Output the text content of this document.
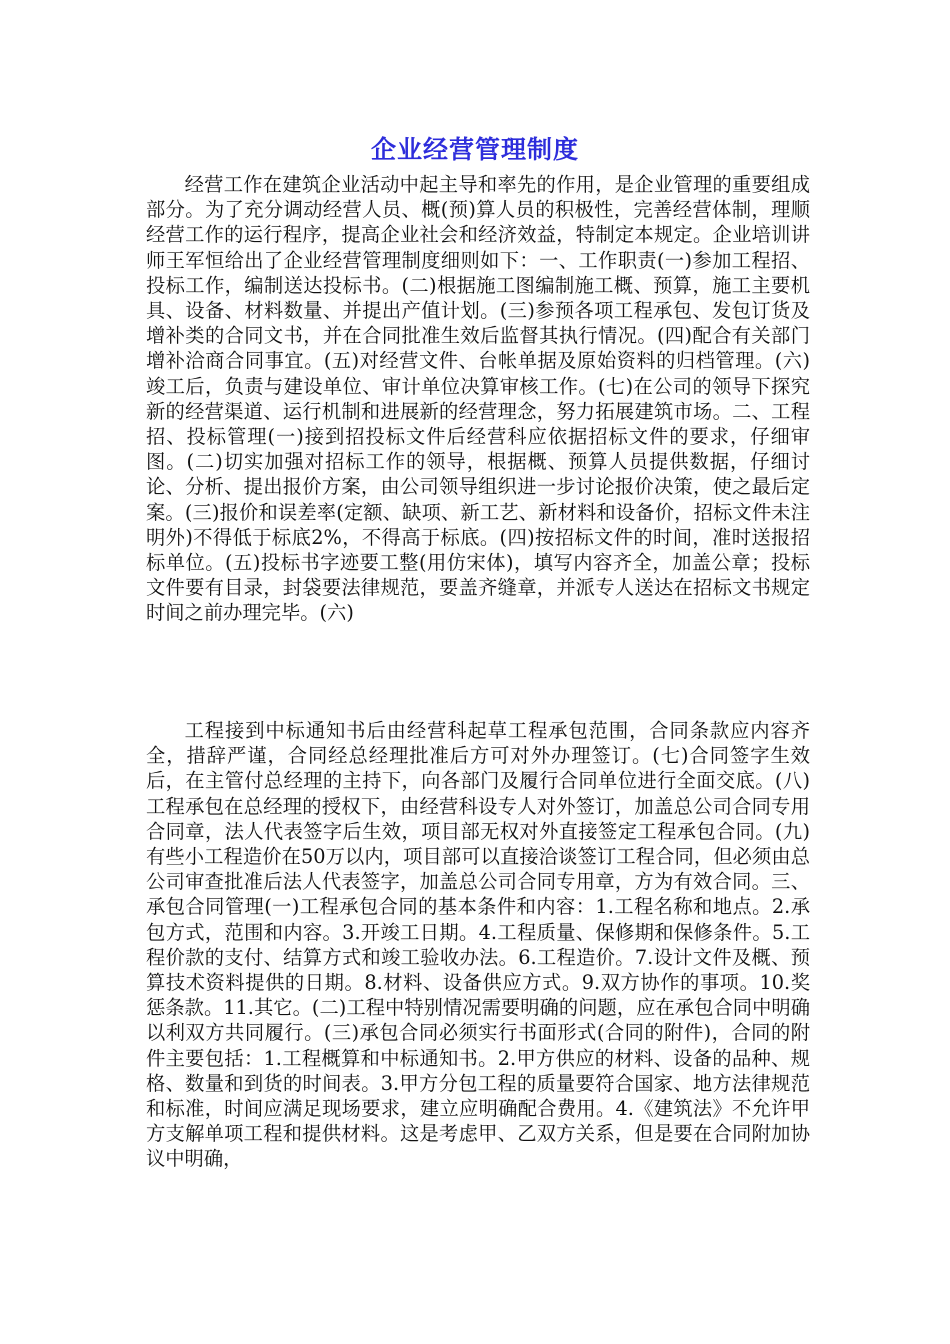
企业经营管理制度

经营工作在建筑企业活动中起主导和率先的作用，是企业管理的重要组成部分。为了充分调动经营人员、概(预)算人员的积极性，完善经营体制，理顺经营工作的运行程序，提高企业社会和经济效益，特制定本规定。企业培训讲师王军恒给出了企业经营管理制度细则如下：一、工作职责(一)参加工程招、投标工作，编制送达投标书。(二)根据施工图编制施工概、预算，施工主要机具、设备、材料数量、并提出产值计划。(三)参预各项工程承包、发包订货及增补类的合同文书，并在合同批准生效后监督其执行情况。(四)配合有关部门增补洽商合同事宜。(五)对经营文件、台帐单据及原始资料的归档管理。(六)竣工后，负责与建设单位、审计单位决算审核工作。(七)在公司的领导下探究新的经营渠道、运行机制和进展新的经营理念，努力拓展建筑市场。二、工程招、投标管理(一)接到招投标文件后经营科应依据招标文件的要求，仔细审图。(二)切实加强对招标工作的领导，根据概、预算人员提供数据，仔细讨论、分析、提出报价方案，由公司领导组织进一步讨论报价决策，使之最后定案。(三)报价和误差率(定额、缺项、新工艺、新材料和设备价，招标文件未注明外)不得低于标底2%，不得高于标底。(四)按招标文件的时间，准时送报招标单位。(五)投标书字迹要工整(用仿宋体)，填写内容齐全，加盖公章；投标文件要有目录，封袋要法律规范，要盖齐缝章，并派专人送达在招标文书规定时间之前办理完毕。(六)

工程接到中标通知书后由经营科起草工程承包范围，合同条款应内容齐全，措辞严谨，合同经总经理批准后方可对外办理签订。(七)合同签字生效后，在主管付总经理的主持下，向各部门及履行合同单位进行全面交底。(八)工程承包在总经理的授权下，由经营科设专人对外签订，加盖总公司合同专用合同章，法人代表签字后生效，项目部无权对外直接签定工程承包合同。(九)有些小工程造价在50万以内，项目部可以直接洽谈签订工程合同，但必须由总公司审查批准后法人代表签字，加盖总公司合同专用章，方为有效合同。三、承包合同管理(一)工程承包合同的基本条件和内容：1.工程名称和地点。2.承包方式，范围和内容。3.开竣工日期。4.工程质量、保修期和保修条件。5.工程价款的支付、结算方式和竣工验收办法。6.工程造价。7.设计文件及概、预算技术资料提供的日期。8.材料、设备供应方式。9.双方协作的事项。10.奖惩条款。11.其它。(二)工程中特别情况需要明确的问题，应在承包合同中明确以利双方共同履行。(三)承包合同必须实行书面形式(合同的附件)，合同的附件主要包括：1.工程概算和中标通知书。2.甲方供应的材料、设备的品种、规格、数量和到货的时间表。3.甲方分包工程的质量要符合国家、地方法律规范和标准，时间应满足现场要求，建立应明确配合费用。4.《建筑法》不允许甲方支解单项工程和提供材料。这是考虑甲、乙双方关系，但是要在合同附加协议中明确，
